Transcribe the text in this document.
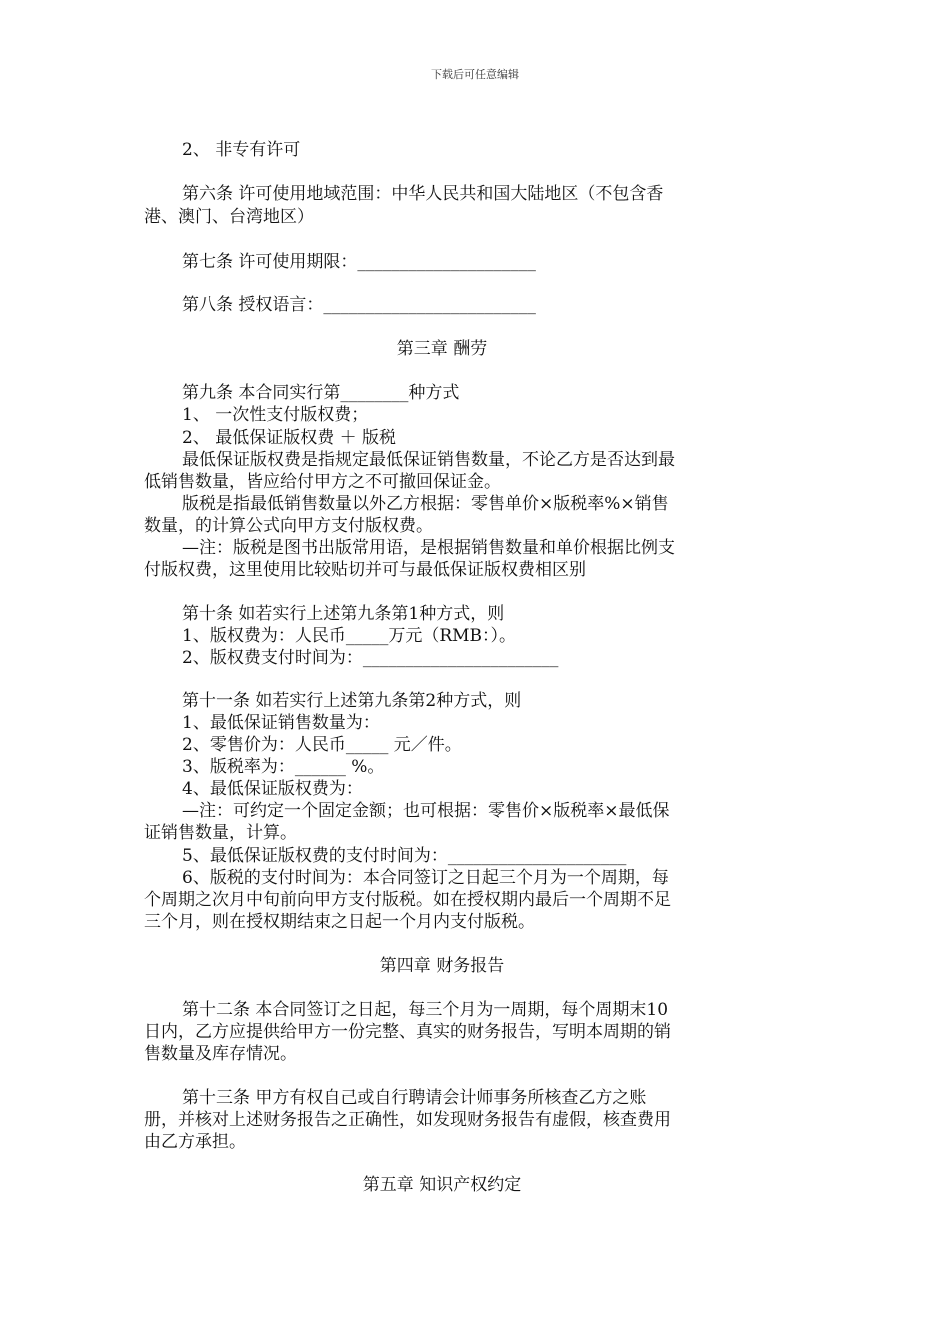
下载后可任意编辑
2、 非专有许可
第六条 许可使用地域范围：中华人民共和国大陆地区（不包含香
港、澳门、台湾地区）
第七条 许可使用期限：_____________________
第八条 授权语言：_________________________
第三章 酬劳
第九条 本合同实行第________种方式
1、 一次性支付版权费；
2、 最低保证版权费 ＋ 版税
最低保证版权费是指规定最低保证销售数量，不论乙方是否达到最
低销售数量，皆应给付甲方之不可撤回保证金。
版税是指最低销售数量以外乙方根据：零售单价×版税率%×销售
数量，的计算公式向甲方支付版权费。
—注：版税是图书出版常用语，是根据销售数量和单价根据比例支
付版权费，这里使用比较贴切并可与最低保证版权费相区别
第十条 如若实行上述第九条第1种方式，则
1、版权费为：人民币_____万元（RMB：）。
2、版权费支付时间为：_______________________
第十一条 如若实行上述第九条第2种方式，则
1、最低保证销售数量为：
2、零售价为：人民币_____ 元／件。
3、版税率为：______ %。
4、最低保证版权费为：
—注：可约定一个固定金额；也可根据：零售价×版税率×最低保
证销售数量，计算。
5、最低保证版权费的支付时间为：_____________________
6、版税的支付时间为：本合同签订之日起三个月为一个周期，每
个周期之次月中旬前向甲方支付版税。如在授权期内最后一个周期不足
三个月，则在授权期结束之日起一个月内支付版税。
第四章 财务报告
第十二条 本合同签订之日起，每三个月为一周期，每个周期末10
日内，乙方应提供给甲方一份完整、真实的财务报告，写明本周期的销
售数量及库存情况。
第十三条 甲方有权自己或自行聘请会计师事务所核查乙方之账
册，并核对上述财务报告之正确性，如发现财务报告有虚假，核查费用
由乙方承担。
第五章 知识产权约定
